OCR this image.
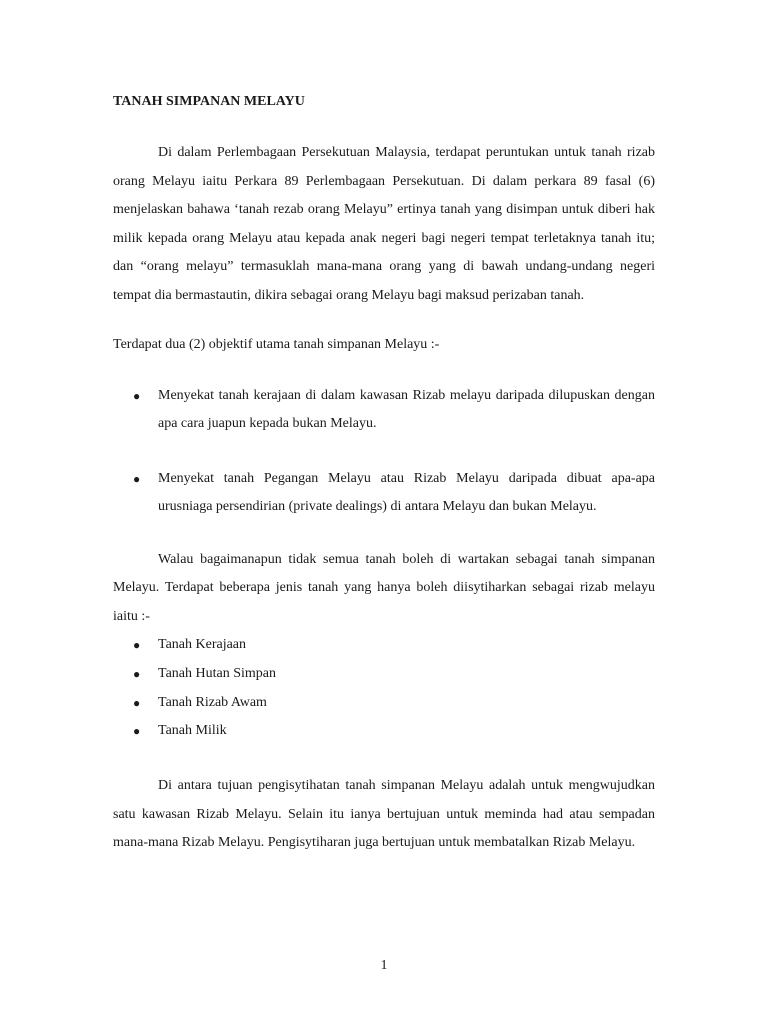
TANAH SIMPANAN MELAYU

Di dalam Perlembagaan Persekutuan Malaysia, terdapat peruntukan untuk tanah rizab orang Melayu iaitu Perkara 89 Perlembagaan Persekutuan. Di dalam perkara 89 fasal (6) menjelaskan bahawa ‘tanah rezab orang Melayu” ertinya tanah yang disimpan untuk diberi hak milik kepada orang Melayu atau kepada anak negeri bagi negeri tempat terletaknya tanah itu; dan “orang melayu” termasuklah mana-mana orang yang di bawah undang-undang negeri tempat dia bermastautin, dikira sebagai orang Melayu bagi maksud perizaban tanah.

Terdapat dua (2) objektif utama tanah simpanan Melayu :-

● Menyekat tanah kerajaan di dalam kawasan Rizab melayu daripada dilupuskan dengan apa cara juapun kepada bukan Melayu.
● Menyekat tanah Pegangan Melayu atau Rizab Melayu daripada dibuat apa-apa urusniaga persendirian (private dealings) di antara Melayu dan bukan Melayu.

Walau bagaimanapun tidak semua tanah boleh di wartakan sebagai tanah simpanan Melayu. Terdapat beberapa jenis tanah yang hanya boleh diisytiharkan sebagai rizab melayu iaitu :-

● Tanah Kerajaan
● Tanah Hutan Simpan
● Tanah Rizab Awam
● Tanah Milik

Di antara tujuan pengisytihatan tanah simpanan Melayu adalah untuk mengwujudkan satu kawasan Rizab Melayu. Selain itu ianya bertujuan untuk meminda had atau sempadan mana-mana Rizab Melayu. Pengisytiharan juga bertujuan untuk membatalkan Rizab Melayu.

1
